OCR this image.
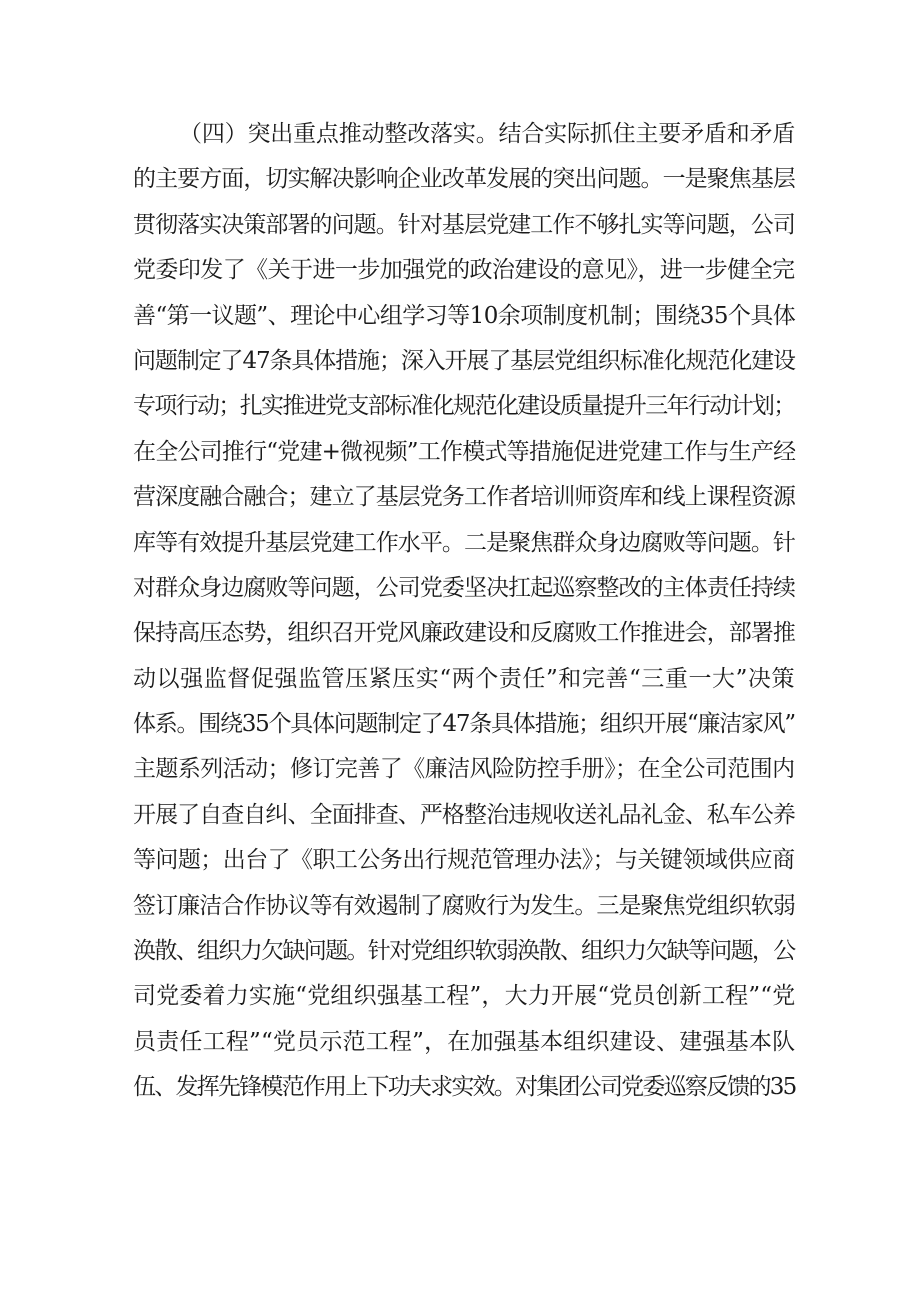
（四）突出重点推动整改落实。结合实际抓住主要矛盾和矛盾
的主要方面，切实解决影响企业改革发展的突出问题。一是聚焦基层
贯彻落实决策部署的问题。针对基层党建工作不够扎实等问题，公司
党委印发了《关于进一步加强党的政治建设的意见》，进一步健全完
善“第一议题”、理论中心组学习等10余项制度机制；围绕35个具体
问题制定了47条具体措施；深入开展了基层党组织标准化规范化建设
专项行动；扎实推进党支部标准化规范化建设质量提升三年行动计划；
在全公司推行“党建+微视频”工作模式等措施促进党建工作与生产经
营深度融合融合；建立了基层党务工作者培训师资库和线上课程资源
库等有效提升基层党建工作水平。二是聚焦群众身边腐败等问题。针
对群众身边腐败等问题，公司党委坚决扛起巡察整改的主体责任持续
保持高压态势，组织召开党风廉政建设和反腐败工作推进会，部署推
动以强监督促强监管压紧压实“两个责任”和完善“三重一大”决策
体系。围绕35个具体问题制定了47条具体措施；组织开展“廉洁家风”
主题系列活动；修订完善了《廉洁风险防控手册》；在全公司范围内
开展了自查自纠、全面排查、严格整治违规收送礼品礼金、私车公养
等问题；出台了《职工公务出行规范管理办法》；与关键领域供应商
签订廉洁合作协议等有效遏制了腐败行为发生。三是聚焦党组织软弱
涣散、组织力欠缺问题。针对党组织软弱涣散、组织力欠缺等问题，公
司党委着力实施“党组织强基工程”，大力开展“党员创新工程”“党
员责任工程”“党员示范工程”，在加强基本组织建设、建强基本队
伍、发挥先锋模范作用上下功夫求实效。对集团公司党委巡察反馈的35
